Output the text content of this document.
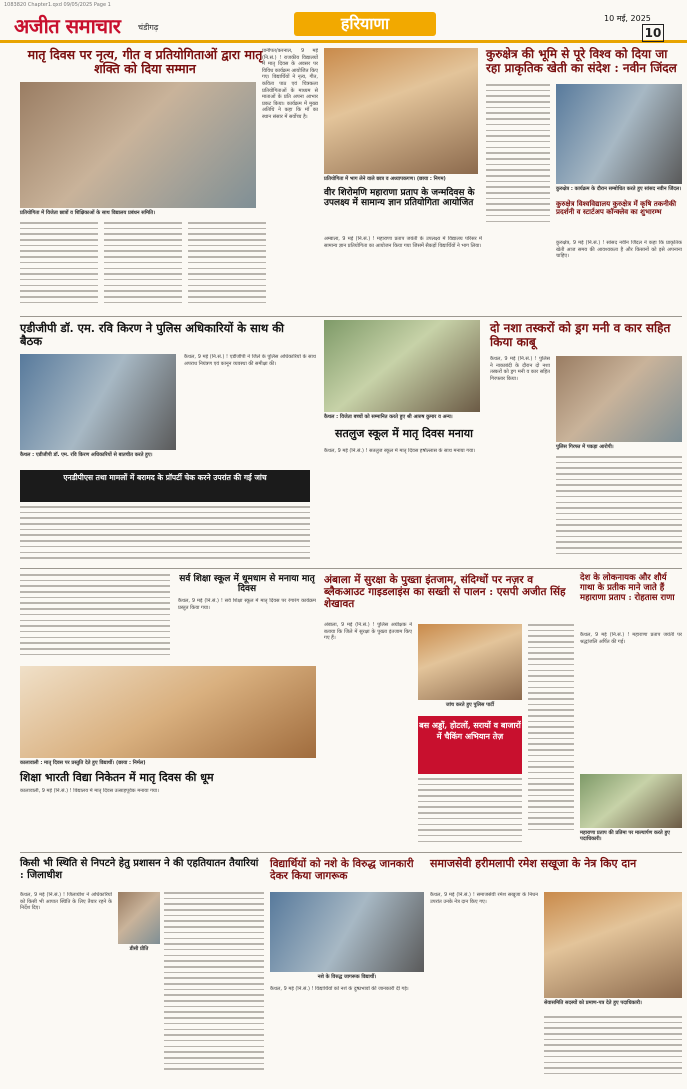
1083820 Chapter1.qxd 09/05/2025 Page 1
अजीत समाचार चंडीगढ़	हरियाणा	10 मई, 2025
10
मातृ दिवस पर नृत्य, गीत व प्रतियोगिताओं द्वारा मातृ शक्ति को दिया सम्मान
प्रतियोगिता में विजेता छात्रों व शिक्षिकाओं के साथ विद्यालय प्रबंधन समिति।
पानीपत/करनाल, 9 मई (नि.सं.) ! राजकीय विद्यालयों में मातृ दिवस के अवसर पर विविध कार्यक्रम आयोजित किए गए। विद्यार्थियों ने नृत्य, गीत, कविता पाठ एवं चित्रकला प्रतियोगिताओं के माध्यम से माताओं के प्रति अपना आभार प्रकट किया। कार्यक्रम में मुख्य अतिथि ने कहा कि माँ का स्थान संसार में सर्वोच्च है।
प्रतियोगिता में भाग लेने वाले छात्र व अध्यापकगण। (छाया : निगम)
वीर शिरोमणि महाराणा प्रताप के जन्मदिवस के उपलक्ष्य में सामान्य ज्ञान प्रतियोगिता आयोजित
अम्बाला, 9 मई (नि.सं.) ! महाराणा प्रताप जयंती के उपलक्ष्य में विद्यालय परिसर में सामान्य ज्ञान प्रतियोगिता का आयोजन किया गया जिसमें सैकड़ों विद्यार्थियों ने भाग लिया।
कुरुक्षेत्र की भूमि से पूरे विश्व को दिया जा रहा प्राकृतिक खेती का संदेश : नवीन जिंदल
कुरुक्षेत्र : कार्यक्रम के दौरान सम्बोधित करते हुए सांसद नवीन जिंदल।
कुरुक्षेत्र विश्वविद्यालय कुरुक्षेत्र में कृषि तकनीकी प्रदर्शनी व स्टार्टअप कॉन्क्लेव का शुभारम्भ
कुरुक्षेत्र, 9 मई (नि.सं.) ! सांसद नवीन जिंदल ने कहा कि प्राकृतिक खेती आज समय की आवश्यकता है और किसानों को इसे अपनाना चाहिए।
एडीजीपी डॉ. एम. रवि किरण ने पुलिस अधिकारियों के साथ की बैठक
कैथल : एडीजीपी डॉ. एम. रवि किरण अधिकारियों से बातचीत करते हुए।
कैथल, 9 मई (नि.सं.) ! एडीजीपी ने जिले के पुलिस अधिकारियों के साथ अपराध नियंत्रण एवं कानून व्यवस्था की समीक्षा की।
एनडीपीएस तथा मामलों में बरामद के प्रॉपर्टी चेक करने उपरांत की गई जांच
कैथल : विजेता बच्चों को सम्मानित करते हुए श्री आरुष कुमार व अन्य।
सतलुज स्कूल में मातृ दिवस मनाया
कैथल, 9 मई (नि.सं.) ! सतलुज स्कूल में मातृ दिवस हर्षोल्लास के साथ मनाया गया।
दो नशा तस्करों को ड्रग मनी व कार सहित किया काबू
कैथल, 9 मई (नि.सं.) ! पुलिस ने नाकाबंदी के दौरान दो नशा तस्करों को ड्रग मनी व कार सहित गिरफ्तार किया।
पुलिस गिरफ्त में पकड़ा आरोपी।
सर्व शिक्षा स्कूल में धूमधाम से मनाया मातृ दिवस
कैथल, 9 मई (नि.सं.) ! सर्व शिक्षा स्कूल में मातृ दिवस पर रंगारंग कार्यक्रम प्रस्तुत किया गया।
कालावाली : मातृ दिवस पर प्रस्तुति देते हुए विद्यार्थी। (छाया : निर्मल)
शिक्षा भारती विद्या निकेतन में मातृ दिवस की धूम
कालावाली, 9 मई (नि.सं.) ! विद्यालय में मातृ दिवस उत्साहपूर्वक मनाया गया।
अंबाला में सुरक्षा के पुख्ता इंतजाम, संदिग्धों पर नज़र व ब्लैकआउट गाइडलाइंस का सख्ती से पालन : एसपी अजीत सिंह शेखावत
अंबाला, 9 मई (नि.सं.) ! पुलिस अधीक्षक ने बताया कि जिले में सुरक्षा के पुख्ता इंतजाम किए गए हैं।
जांच करते हुए पुलिस पार्टी
बस अड्डों, होटलों, सरायों व बाजारों में चैकिंग अभियान तेज़
देश के लोकनायक और शौर्य गाथा के प्रतीक माने जाते हैं महाराणा प्रताप : रोहतास राणा
कैथल, 9 मई (नि.सं.) ! महाराणा प्रताप जयंती पर श्रद्धांजलि अर्पित की गई।
महाराणा प्रताप की प्रतिमा पर माल्यार्पण करते हुए पदाधिकारी।
किसी भी स्थिति से निपटने हेतु प्रशासन ने की एहतियातन तैयारियां : जिलाधीश
कैथल, 9 मई (नि.सं.) ! जिलाधीश ने अधिकारियों को किसी भी आपात स्थिति के लिए तैयार रहने के निर्देश दिए।
डीसी प्रीति
विद्यार्थियों को नशे के विरुद्ध जानकारी देकर किया जागरूक
नशे के विरुद्ध जागरूक विद्यार्थी।
कैथल, 9 मई (नि.सं.) ! विद्यार्थियों को नशे के दुष्प्रभावों की जानकारी दी गई।
समाजसेवी हरीमलापी रमेश सखूजा के नेत्र किए दान
कैथल, 9 मई (नि.सं.) ! समाजसेवी रमेश सखूजा के निधन उपरांत उनके नेत्र दान किए गए।
सेवासमिति सदस्यों को प्रमाण-पत्र देते हुए पदाधिकारी।
